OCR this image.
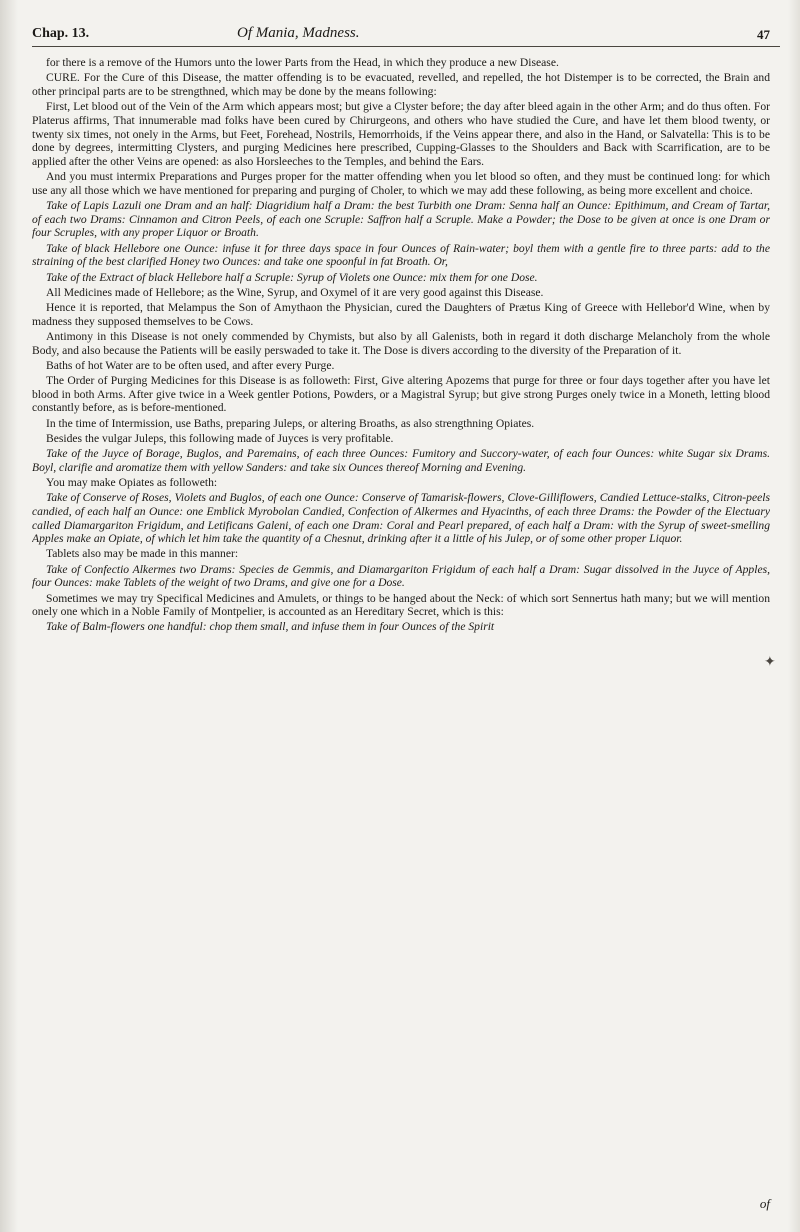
Chap. 13.	Of Mania, Madness.	47

for there is a remove of the Humors unto the lower Parts from the Head, in which they produce a new Disease.

CURE. For the Cure of this Disease, the matter offending is to be evacuated, revelled, and repelled, the hot Distemper is to be corrected, the Brain and other principal parts are to be strengthned, which may be done by the means following:

First, Let blood out of the Vein of the Arm which appears most; but give a Clyster before; the day after bleed again in the other Arm; and do thus often. For Platerus affirms, That innumerable mad folks have been cured by Chirurgeons, and others who have studied the Cure, and have let them blood twenty, or twenty six times, not onely in the Arms, but Feet, Forehead, Nostrils, Hemorrhoids, if the Veins appear there, and also in the Hand, or Salvatella: This is to be done by degrees, intermitting Clysters, and purging Medicines here prescribed, Cupping-Glasses to the Shoulders and Back with Scarrification, are to be applied after the other Veins are opened: as also Horsleeches to the Temples, and behind the Ears.

And you must intermix Preparations and Purges proper for the matter offending when you let blood so often, and they must be continued long: for which use any all those which we have mentioned for preparing and purging of Choler, to which we may add these following, as being more excellent and choice.

Take of Lapis Lazuli one Dram and an half: Diagridium half a Dram: the best Turbith one Dram: Senna half an Ounce: Epithimum, and Cream of Tartar, of each two Drams: Cinnamon and Citron Peels, of each one Scruple: Saffron half a Scruple. Make a Powder; the Dose to be given at once is one Dram or four Scruples, with any proper Liquor or Broath.

Take of black Hellebore one Ounce: infuse it for three days space in four Ounces of Rain-water; boyl them with a gentle fire to three parts: add to the straining of the best clarified Honey two Ounces: and take one spoonful in fat Broath. Or,

Take of the Extract of black Hellebore half a Scruple: Syrup of Violets one Ounce: mix them for one Dose.

All Medicines made of Hellebore; as the Wine, Syrup, and Oxymel of it are very good against this Disease.

Hence it is reported, that Melampus the Son of Amythaon the Physician, cured the Daughters of Prætus King of Greece with Hellebor'd Wine, when by madness they supposed themselves to be Cows.

Antimony in this Disease is not onely commended by Chymists, but also by all Galenists, both in regard it doth discharge Melancholy from the whole Body, and also because the Patients will be easily perswaded to take it. The Dose is divers according to the diversity of the Preparation of it.

Baths of hot Water are to be often used, and after every Purge.

The Order of Purging Medicines for this Disease is as followeth: First, Give altering Apozems that purge for three or four days together after you have let blood in both Arms. After give twice in a Week gentler Potions, Powders, or a Magistral Syrup; but give strong Purges onely twice in a Moneth, letting blood constantly before, as is before-mentioned.

In the time of Intermission, use Baths, preparing Juleps, or altering Broaths, as also strengthning Opiates.

Besides the vulgar Juleps, this following made of Juyces is very profitable.

Take of the Juyce of Borage, Buglos, and Paremains, of each three Ounces: Fumitory and Succory-water, of each four Ounces: white Sugar six Drams. Boyl, clarifie and aromatize them with yellow Sanders: and take six Ounces thereof Morning and Evening.

You may make Opiates as followeth:

Take of Conserve of Roses, Violets and Buglos, of each one Ounce: Conserve of Tamarisk-flowers, Clove-Gilliflowers, Candied Lettuce-stalks, Citron-peels candied, of each half an Ounce: one Emblick Myrobolan Candied, Confection of Alkermes and Hyacinths, of each three Drams: the Powder of the Electuary called Diamargariton Frigidum, and Letificans Galeni, of each one Dram: Coral and Pearl prepared, of each half a Dram: with the Syrup of sweet-smelling Apples make an Opiate, of which let him take the quantity of a Chesnut, drinking after it a little of his Julep, or of some other proper Liquor.

Tablets also may be made in this manner:

Take of Confectio Alkermes two Drams: Species de Gemmis, and Diamargariton Frigidum of each half a Dram: Sugar dissolved in the Juyce of Apples, four Ounces: make Tablets of the weight of two Drams, and give one for a Dose.

Sometimes we may try Specifical Medicines and Amulets, or things to be hanged about the Neck: of which sort Sennertus hath many; but we will mention onely one which in a Noble Family of Montpelier, is accounted as an Hereditary Secret, which is this:

Take of Balm-flowers one handful: chop them small, and infuse them in four Ounces of the Spirit

✦
of
